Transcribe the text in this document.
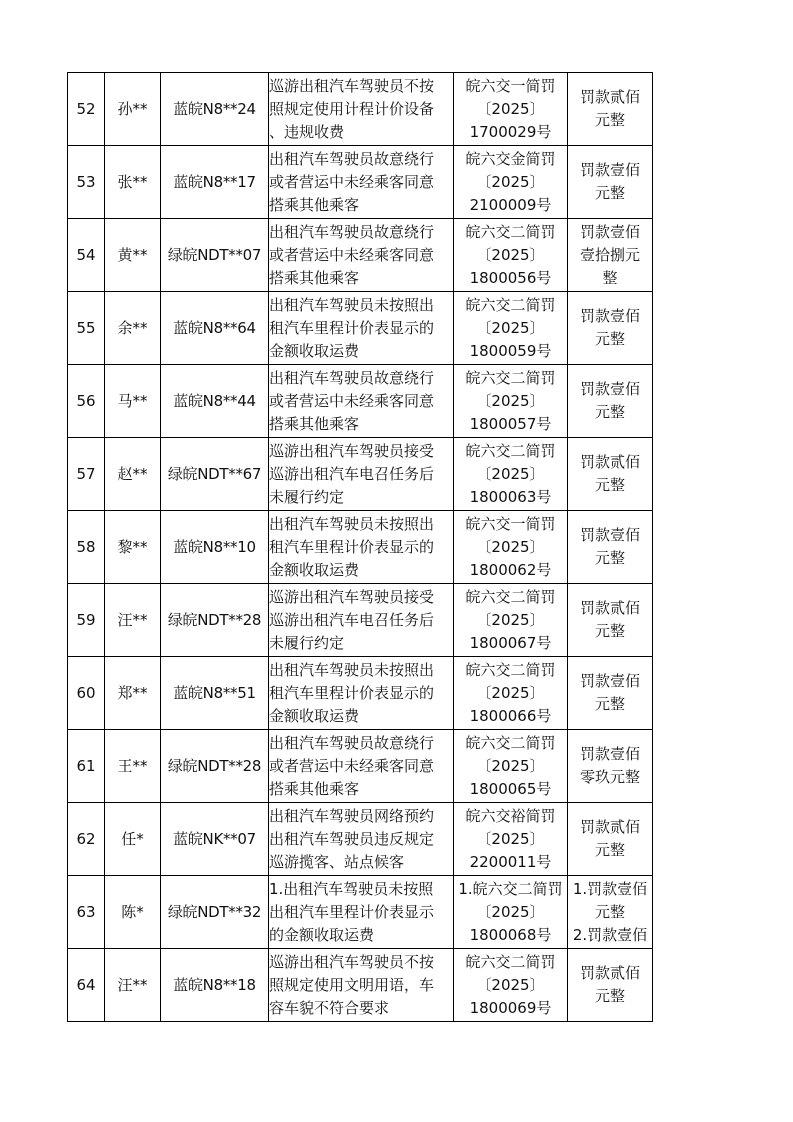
52	孙**	蓝皖N8**24	巡游出租汽车驾驶员不按
照规定使用计程计价设备
、违规收费	皖六交一简罚
〔2025〕
1700029号	罚款贰佰
元整

53	张**	蓝皖N8**17	出租汽车驾驶员故意绕行
或者营运中未经乘客同意
搭乘其他乘客	皖六交金简罚
〔2025〕
2100009号	罚款壹佰
元整

54	黄**	绿皖NDT**07	出租汽车驾驶员故意绕行
或者营运中未经乘客同意
搭乘其他乘客	皖六交二简罚
〔2025〕
1800056号	罚款壹佰
壹拾捌元
整

55	余**	蓝皖N8**64	出租汽车驾驶员未按照出
租汽车里程计价表显示的
金额收取运费	皖六交二简罚
〔2025〕
1800059号	罚款壹佰
元整

56	马**	蓝皖N8**44	出租汽车驾驶员故意绕行
或者营运中未经乘客同意
搭乘其他乘客	皖六交二简罚
〔2025〕
1800057号	罚款壹佰
元整

57	赵**	绿皖NDT**67	巡游出租汽车驾驶员接受
巡游出租汽车电召任务后
未履行约定	皖六交二简罚
〔2025〕
1800063号	罚款贰佰
元整

58	黎**	蓝皖N8**10	出租汽车驾驶员未按照出
租汽车里程计价表显示的
金额收取运费	皖六交一简罚
〔2025〕
1800062号	罚款壹佰
元整

59	汪**	绿皖NDT**28	巡游出租汽车驾驶员接受
巡游出租汽车电召任务后
未履行约定	皖六交二简罚
〔2025〕
1800067号	罚款贰佰
元整

60	郑**	蓝皖N8**51	出租汽车驾驶员未按照出
租汽车里程计价表显示的
金额收取运费	皖六交二简罚
〔2025〕
1800066号	罚款壹佰
元整

61	王**	绿皖NDT**28	出租汽车驾驶员故意绕行
或者营运中未经乘客同意
搭乘其他乘客	皖六交二简罚
〔2025〕
1800065号	罚款壹佰
零玖元整

62	任*	蓝皖NK**07	出租汽车驾驶员网络预约
出租汽车驾驶员违反规定
巡游揽客、站点候客	皖六交裕简罚
〔2025〕
2200011号	罚款贰佰
元整

63	陈*	绿皖NDT**32	1.出租汽车驾驶员未按照
出租汽车里程计价表显示
的金额收取运费	1.皖六交二简罚
〔2025〕
1800068号	1.罚款壹佰
元整
2.罚款壹佰

64	汪**	蓝皖N8**18	巡游出租汽车驾驶员不按
照规定使用文明用语，车
容车貌不符合要求	皖六交二简罚
〔2025〕
1800069号	罚款贰佰
元整
